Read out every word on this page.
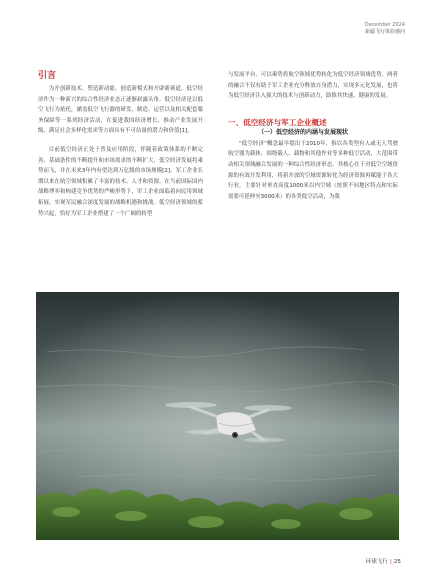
December 2024
新疆飞行体验感问
引言

为开创新技术、塑造新动能、创造新模式和开辟新赛道，低空经济作为一种新兴的综合性经济业态正逐渐崭露头角。低空经济是以低空飞行为依托，涵盖低空飞行器的研发、制造、运营以及相关配套服务保障等一系列经济活动，在促进我国经济增长、推动产业发展升级、满足社会多样化需求等方面具有不可估量的潜力和价值[1]。

目前低空经济正处于普及应用阶段，伴随着政策体系的不断完善、基础条件的不断提升和市场需求的不断扩大，低空经济发展将乘势而飞，并在未来3年内有望达到万亿级的市场规模[2]。军工企业长期以来在航空领域积累了丰富的技术、人才和资源。在当前国际国内战略博弈和构建竞争优势的严峻形势下，军工企业面临着向民用领域拓展、实现军民融合深度发展的战略机遇和挑战。低空经济领域的蓄势兴起，恰好为军工企业搭建了一个广阔的转型

与发展平台，可以乘势将航空领域优势转化为低空经济领域优势。两者的融合不仅有助于军工企业充分释放自身潜力，实现多元化发展，也将为低空经济注入强大的技术与创新动力，助推其快速、健康的发展。

一、低空经济与军工企业概述
（一）低空经济的内涵与发展现状

“低空经济”概念最早提出于2010年，指以各类型有人或无人驾驶航空器为载体，围绕载人、载物和其他作业等多种低空活动，大范围带动相关领域融合发展的一种综合性经济形态。其核心在于对低空空域资源的有效开发利用，将新开放的空域资源转化为经济资源再赋能于各大行业。主要针对垂直高度1000米以内空域（按照不同地区特点和实际需要可延伸至3000米）的各类低空活动，为我

环球飞行 | 25
